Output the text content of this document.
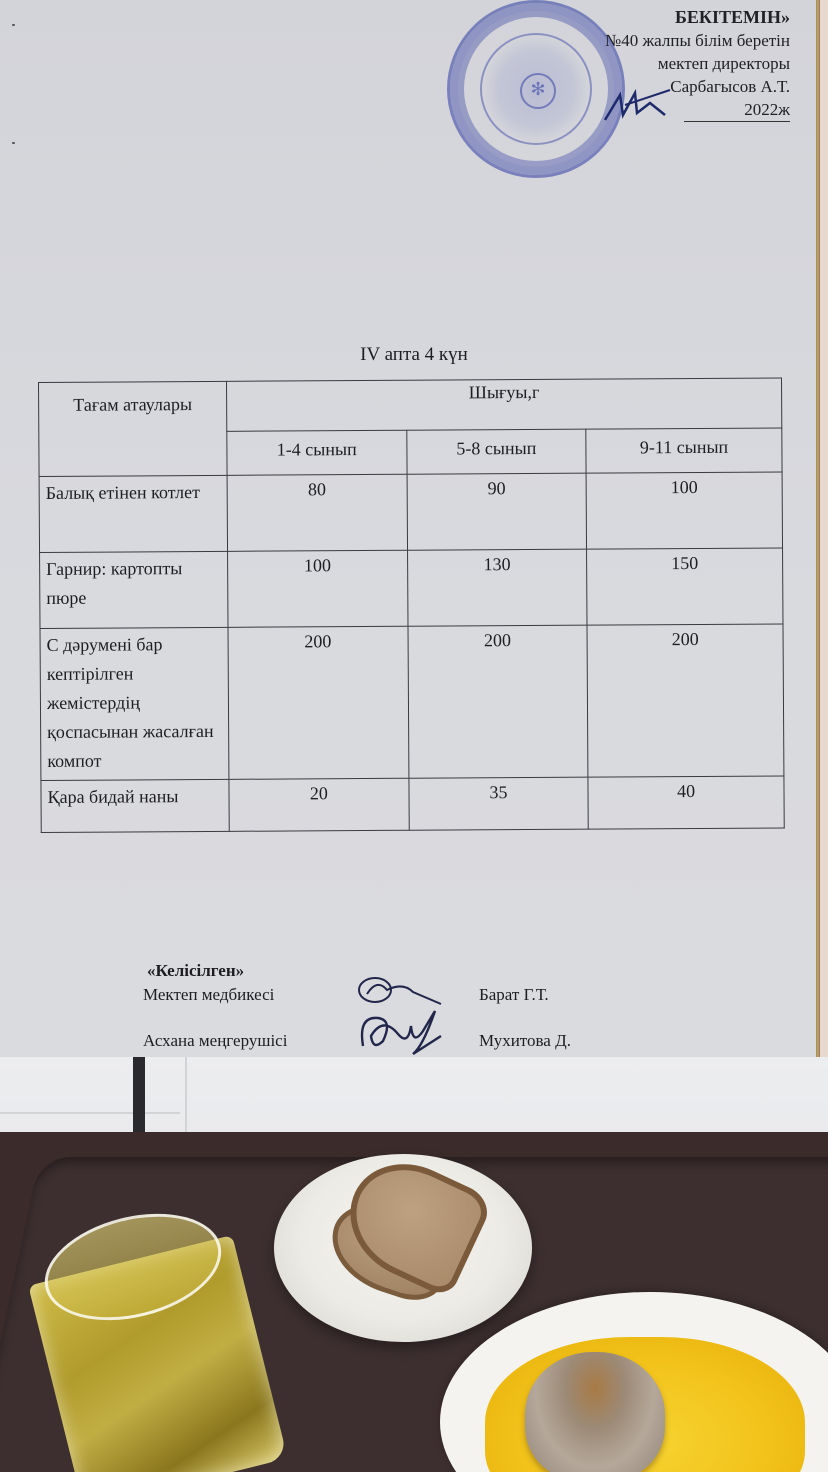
✻
БЕКІТЕМІН»
№40 жалпы білім беретін
мектеп директоры
Сарбагысов А.Т.
2022ж
IV апта 4 күн
Тағам атаулары	Шығуы,г		
	1-4 сынып	5-8 сынып	9-11 сынып
Балық етінен котлет	80	90	100
Гарнир: картопты пюре	100	130	150
С дәрумені бар кептірілген жемістердің қоспасынан жасалған компот	200	200	200
Қара бидай наны	20	35	40
«Келісілген»
Мектеп медбикесі	Барат Г.Т.
Асхана меңгерушісі	Мухитова Д.
